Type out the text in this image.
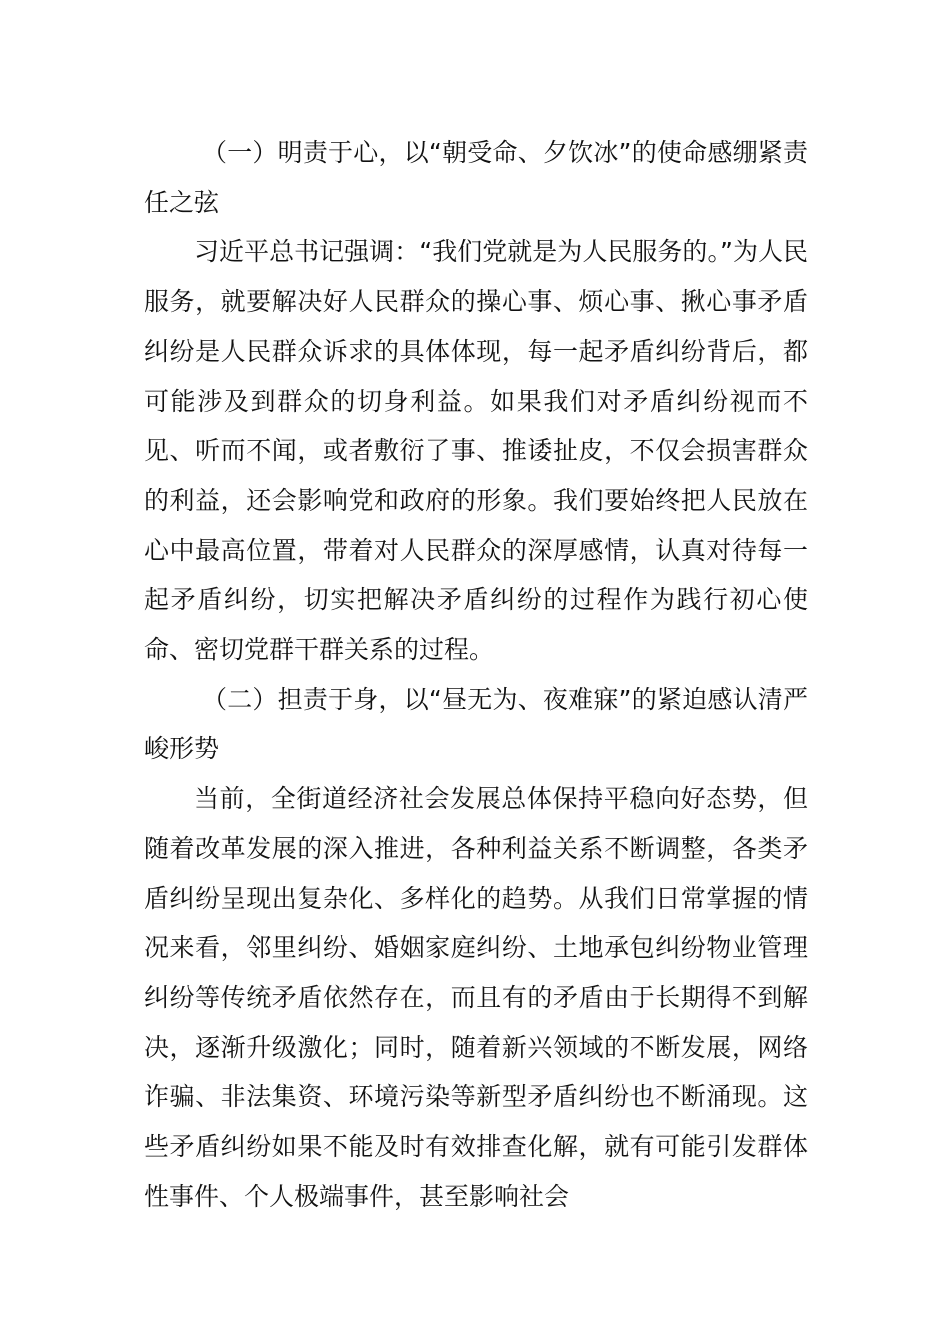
（一）明责于心，以“朝受命、夕饮冰”的使命感绷紧责任之弦

习近平总书记强调：“我们党就是为人民服务的。”为人民服务，就要解决好人民群众的操心事、烦心事、揪心事矛盾纠纷是人民群众诉求的具体体现，每一起矛盾纠纷背后，都可能涉及到群众的切身利益。如果我们对矛盾纠纷视而不见、听而不闻，或者敷衍了事、推诿扯皮，不仅会损害群众的利益，还会影响党和政府的形象。我们要始终把人民放在心中最高位置，带着对人民群众的深厚感情，认真对待每一起矛盾纠纷，切实把解决矛盾纠纷的过程作为践行初心使命、密切党群干群关系的过程。

（二）担责于身，以“昼无为、夜难寐”的紧迫感认清严峻形势

当前，全街道经济社会发展总体保持平稳向好态势，但随着改革发展的深入推进，各种利益关系不断调整，各类矛盾纠纷呈现出复杂化、多样化的趋势。从我们日常掌握的情况来看，邻里纠纷、婚姻家庭纠纷、土地承包纠纷物业管理纠纷等传统矛盾依然存在，而且有的矛盾由于长期得不到解决，逐渐升级激化；同时，随着新兴领域的不断发展，网络诈骗、非法集资、环境污染等新型矛盾纠纷也不断涌现。这些矛盾纠纷如果不能及时有效排查化解，就有可能引发群体性事件、个人极端事件，甚至影响社会
